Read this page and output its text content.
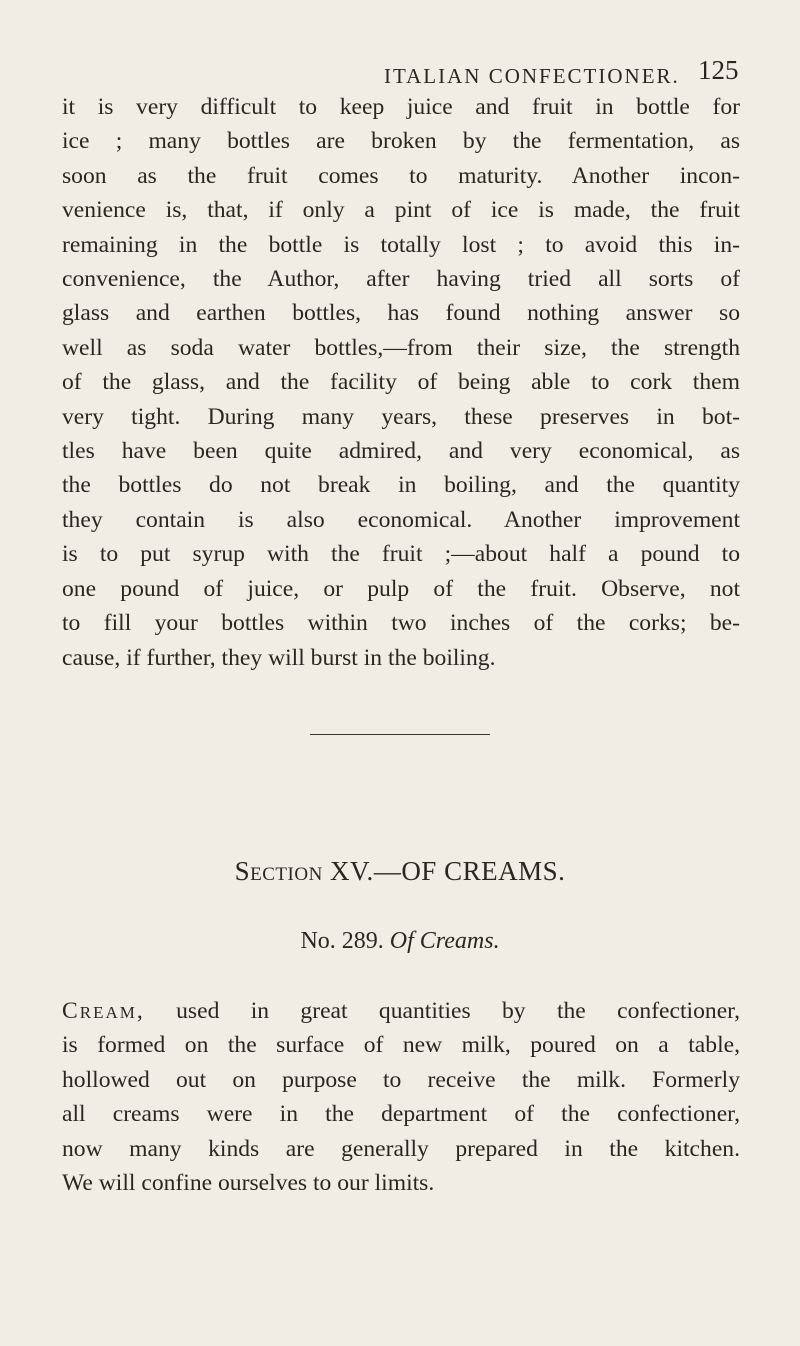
ITALIAN CONFECTIONER. 125
it is very difficult to keep juice and fruit in bottle for
ice ; many bottles are broken by the fermentation, as
soon as the fruit comes to maturity. Another incon-
venience is, that, if only a pint of ice is made, the fruit
remaining in the bottle is totally lost ; to avoid this in-
convenience, the Author, after having tried all sorts of
glass and earthen bottles, has found nothing answer so
well as soda water bottles,—from their size, the strength
of the glass, and the facility of being able to cork them
very tight. During many years, these preserves in bot-
tles have been quite admired, and very economical, as
the bottles do not break in boiling, and the quantity
they contain is also economical. Another improvement
is to put syrup with the fruit ;—about half a pound to
one pound of juice, or pulp of the fruit. Observe, not
to fill your bottles within two inches of the corks; be-
cause, if further, they will burst in the boiling.
Section XV.—OF CREAMS.
No. 289. Of Creams.
Cream, used in great quantities by the confectioner,
is formed on the surface of new milk, poured on a table,
hollowed out on purpose to receive the milk. Formerly
all creams were in the department of the confectioner,
now many kinds are generally prepared in the kitchen.
We will confine ourselves to our limits.
